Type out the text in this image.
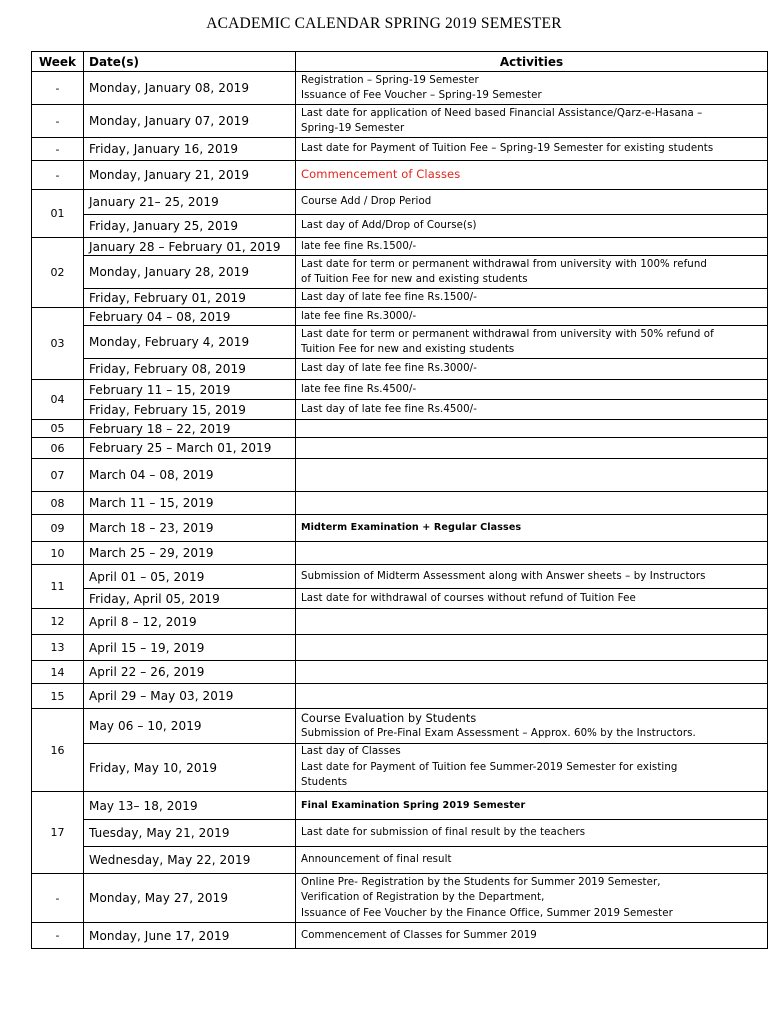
ACADEMIC CALENDAR SPRING 2019 SEMESTER
Week	Date(s)	Activities
-	Monday, January 08, 2019	Registration – Spring-19 Semester
Issuance of Fee Voucher – Spring-19 Semester

-	Monday, January 07, 2019	Last date for application of Need based Financial Assistance/Qarz-e-Hasana –
Spring-19 Semester

-	Friday, January 16, 2019	Last date for Payment of Tuition Fee – Spring-19 Semester for existing students

-	Monday, January 21, 2019	Commencement of Classes

01	January 21– 25, 2019	Course Add / Drop Period

	Friday, January 25, 2019	Last day of Add/Drop of Course(s)

02	January 28 – February 01, 2019	late fee fine Rs.1500/-

	Monday, January 28, 2019	Last date for term or permanent withdrawal from university with 100% refund
of Tuition Fee for new and existing students

	Friday, February 01, 2019	Last day of late fee fine Rs.1500/-

03	February 04 – 08, 2019	late fee fine Rs.3000/-

	Monday, February 4, 2019	Last date for term or permanent withdrawal from university with 50% refund of
Tuition Fee for new and existing students

	Friday, February 08, 2019	Last day of late fee fine Rs.3000/-

04	February 11 – 15, 2019	late fee fine Rs.4500/-

	Friday, February 15, 2019	Last day of late fee fine Rs.4500/-

05	February 18 – 22, 2019	
06	February 25 – March 01, 2019	
07	March 04 – 08, 2019	
08	March 11 – 15, 2019	
09	March 18 – 23, 2019	Midterm Examination + Regular Classes

10	March 25 – 29, 2019	
11	April 01 – 05, 2019	Submission of Midterm Assessment along with Answer sheets – by Instructors

	Friday, April 05, 2019	Last date for withdrawal of courses without refund of Tuition Fee

12	April 8 – 12, 2019	
13	April 15 – 19, 2019	
14	April 22 – 26, 2019	
15	April 29 – May 03, 2019	
16	May 06 – 10, 2019	Course Evaluation by Students
Submission of Pre-Final Exam Assessment – Approx. 60% by the Instructors.

	Friday, May 10, 2019	Last day of Classes
Last date for Payment of Tuition fee Summer-2019 Semester for existing
Students

17	May 13– 18, 2019	Final Examination Spring 2019 Semester

	Tuesday, May 21, 2019	Last date for submission of final result by the teachers

	Wednesday, May 22, 2019	Announcement of final result

-	Monday, May 27, 2019	Online Pre- Registration by the Students for Summer 2019 Semester,
Verification of Registration by the Department,
Issuance of Fee Voucher by the Finance Office, Summer 2019 Semester

-	Monday, June 17, 2019	Commencement of Classes for Summer 2019
